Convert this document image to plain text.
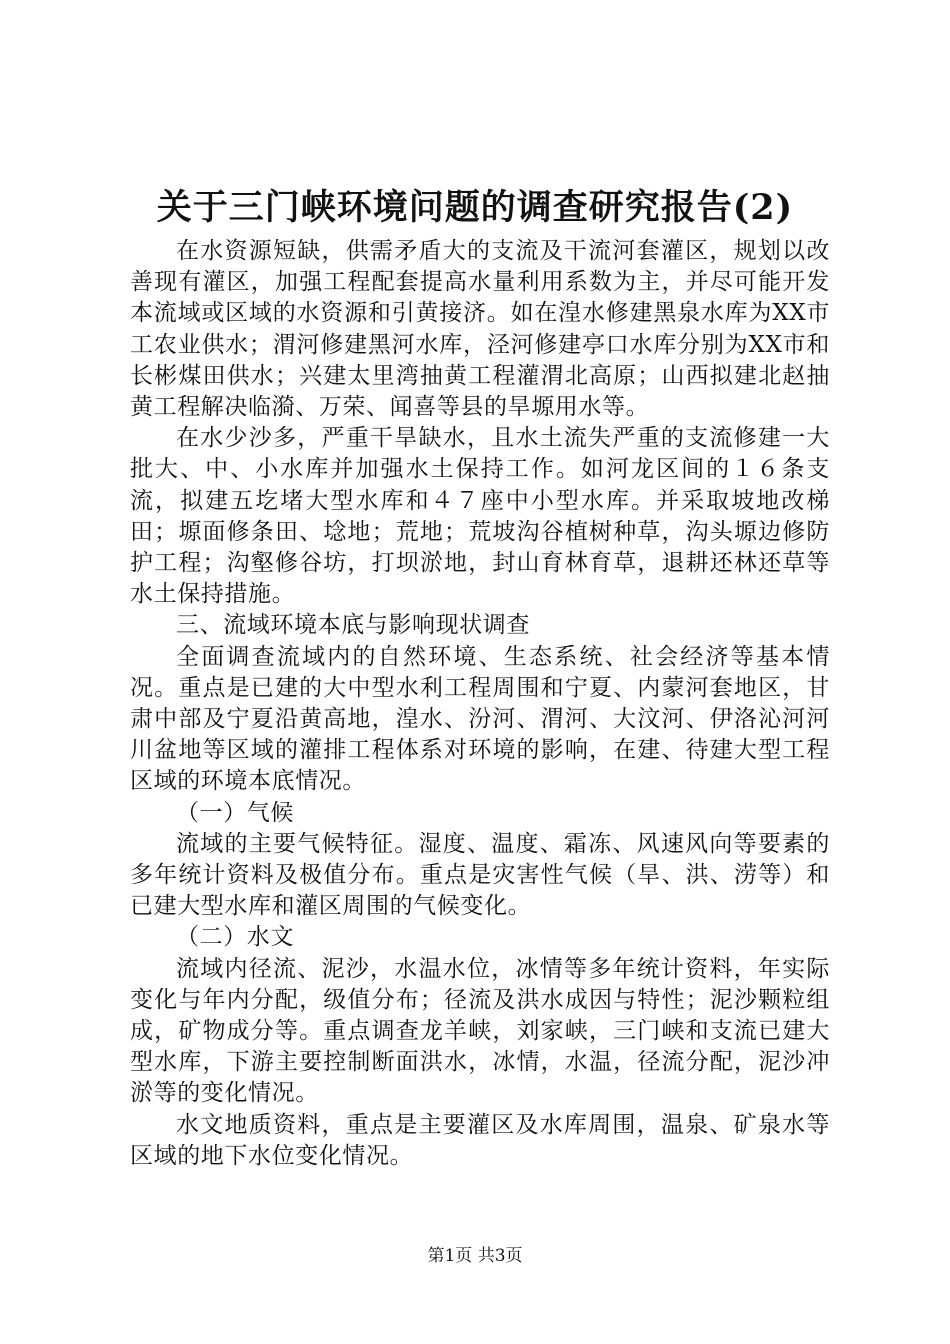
关于三门峡环境问题的调查研究报告(2)

在水资源短缺，供需矛盾大的支流及干流河套灌区，规划以改善现有灌区，加强工程配套提高水量利用系数为主，并尽可能开发本流域或区域的水资源和引黄接济。如在湟水修建黑泉水库为XX市工农业供水；渭河修建黑河水库，泾河修建亭口水库分别为XX市和长彬煤田供水；兴建太里湾抽黄工程灌渭北高原；山西拟建北赵抽黄工程解决临漪、万荣、闻喜等县的旱塬用水等。

在水少沙多，严重干旱缺水，且水土流失严重的支流修建一大批大、中、小水库并加强水土保持工作。如河龙区间的１６条支流，拟建五圪堵大型水库和４７座中小型水库。并采取坡地改梯田；塬面修条田、埝地；荒地；荒坡沟谷植树种草，沟头塬边修防护工程；沟壑修谷坊，打坝淤地，封山育林育草，退耕还林还草等水土保持措施。

三、流域环境本底与影响现状调查

全面调查流域内的自然环境、生态系统、社会经济等基本情况。重点是已建的大中型水利工程周围和宁夏、内蒙河套地区，甘肃中部及宁夏沿黄高地，湟水、汾河、渭河、大汶河、伊洛沁河河川盆地等区域的灌排工程体系对环境的影响，在建、待建大型工程区域的环境本底情况。

（一）气候

流域的主要气候特征。湿度、温度、霜冻、风速风向等要素的多年统计资料及极值分布。重点是灾害性气候（旱、洪、涝等）和已建大型水库和灌区周围的气候变化。

（二）水文

流域内径流、泥沙，水温水位，冰情等多年统计资料，年实际变化与年内分配，级值分布；径流及洪水成因与特性；泥沙颗粒组成，矿物成分等。重点调查龙羊峡，刘家峡，三门峡和支流已建大型水库，下游主要控制断面洪水，冰情，水温，径流分配，泥沙冲淤等的变化情况。

水文地质资料，重点是主要灌区及水库周围，温泉、矿泉水等区域的地下水位变化情况。

第1页 共3页
